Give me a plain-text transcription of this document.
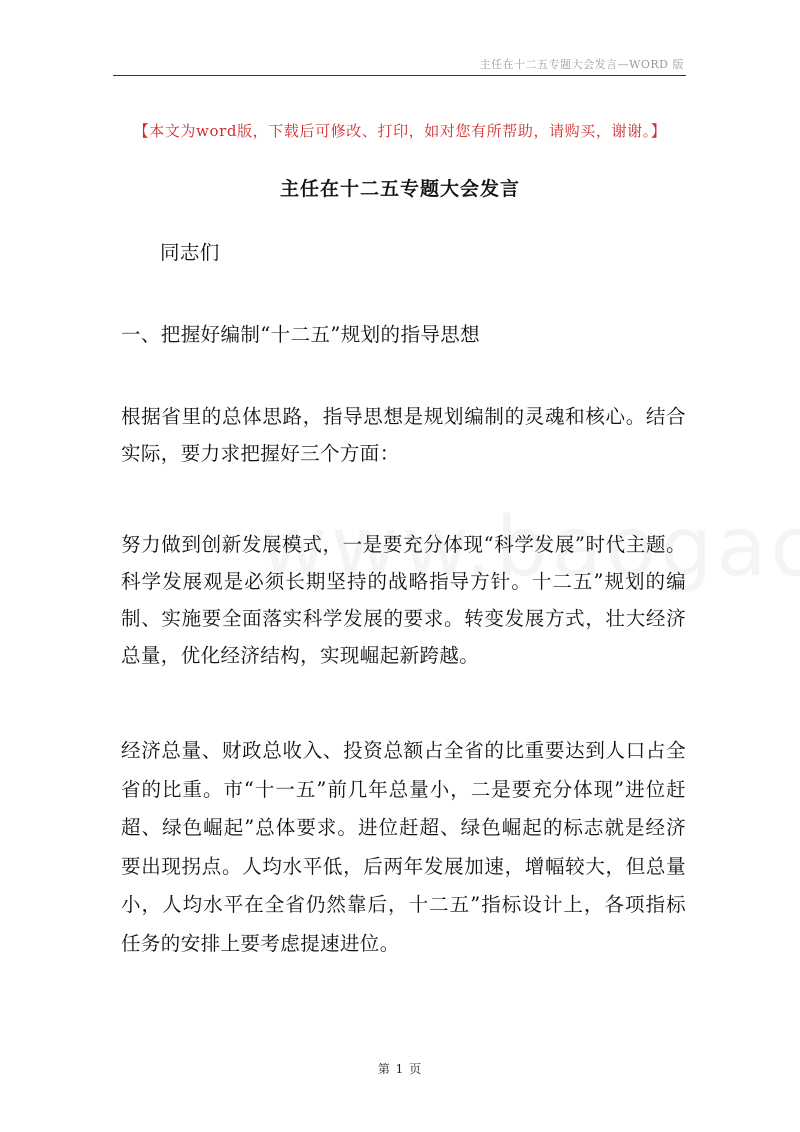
主任在十二五专题大会发言—WORD 版
【本文为word版，下载后可修改、打印，如对您有所帮助，请购买，谢谢。】
主任在十二五专题大会发言

同志们

一、把握好编制“十二五”规划的指导思想

根据省里的总体思路，指导思想是规划编制的灵魂和核心。结合实际，要力求把握好三个方面：

努力做到创新发展模式，一是要充分体现“科学发展”时代主题。科学发展观是必须长期坚持的战略指导方针。十二五”规划的编制、实施要全面落实科学发展的要求。转变发展方式，壮大经济总量，优化经济结构，实现崛起新跨越。

经济总量、财政总收入、投资总额占全省的比重要达到人口占全省的比重。市“十一五”前几年总量小，二是要充分体现”进位赶超、绿色崛起”总体要求。进位赶超、绿色崛起的标志就是经济要出现拐点。人均水平低，后两年发展加速，增幅较大，但总量小，人均水平在全省仍然靠后，十二五”指标设计上，各项指标任务的安排上要考虑提速进位。

第 1 页
